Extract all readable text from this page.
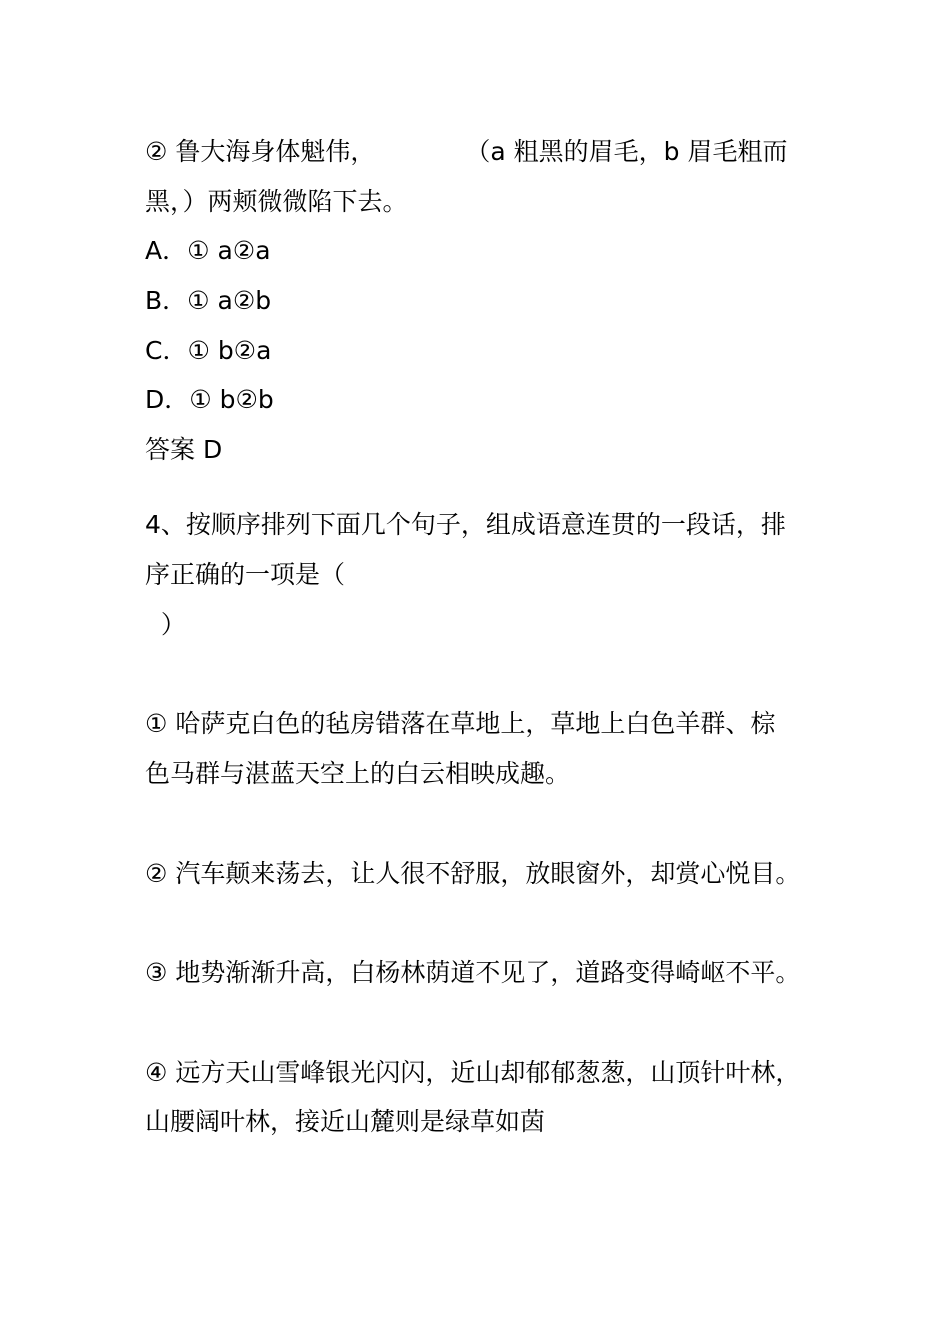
② 鲁大海身体魁伟，	（a 粗黑的眉毛，b 眉毛粗而
黑，）两颊微微陷下去。
A．① a②a
B．① a②b
C．① b②a
D．① b②b
答案 D
4、按顺序排列下面几个句子，组成语意连贯的一段话，排
序正确的一项是（
）
① 哈萨克白色的毡房错落在草地上，草地上白色羊群、棕
色马群与湛蓝天空上的白云相映成趣。
② 汽车颠来荡去，让人很不舒服，放眼窗外，却赏心悦目。
③ 地势渐渐升高，白杨林荫道不见了，道路变得崎岖不平。
④ 远方天山雪峰银光闪闪，近山却郁郁葱葱，山顶针叶林，
山腰阔叶林，接近山麓则是绿草如茵
